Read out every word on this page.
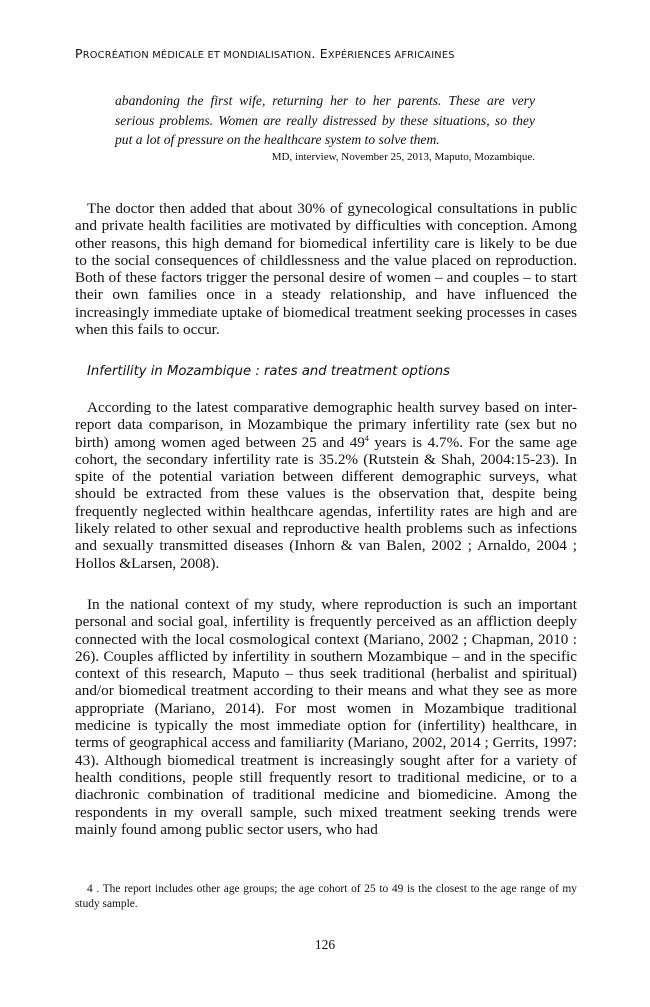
PROCRÉATION MÉDICALE ET MONDIALISATION. EXPÉRIENCES AFRICAINES

abandoning the first wife, returning her to her parents. These are very serious problems. Women are really distressed by these situations, so they put a lot of pressure on the healthcare system to solve them.

MD, interview, November 25, 2013, Maputo, Mozambique.

The doctor then added that about 30% of gynecological consultations in public and private health facilities are motivated by difficulties with conception. Among other reasons, this high demand for biomedical infertility care is likely to be due to the social consequences of childlessness and the value placed on reproduction. Both of these factors trigger the personal desire of women – and couples – to start their own families once in a steady relationship, and have influenced the increasingly immediate uptake of biomedical treatment seeking processes in cases when this fails to occur.

Infertility in Mozambique : rates and treatment options

According to the latest comparative demographic health survey based on inter-report data comparison, in Mozambique the primary infertility rate (sex but no birth) among women aged between 25 and $49^4$ years is 4.7%. For the same age cohort, the secondary infertility rate is 35.2% (Rutstein & Shah, 2004:15-23). In spite of the potential variation between different demographic surveys, what should be extracted from these values is the observation that, despite being frequently neglected within healthcare agendas, infertility rates are high and are likely related to other sexual and reproductive health problems such as infections and sexually transmitted diseases (Inhorn & van Balen, 2002 ; Arnaldo, 2004 ; Hollos &Larsen, 2008).

In the national context of my study, where reproduction is such an important personal and social goal, infertility is frequently perceived as an affliction deeply connected with the local cosmological context (Mariano, 2002 ; Chapman, 2010 : 26). Couples afflicted by infertility in southern Mozambique – and in the specific context of this research, Maputo – thus seek traditional (herbalist and spiritual) and/or biomedical treatment according to their means and what they see as more appropriate (Mariano, 2014). For most women in Mozambique traditional medicine is typically the most immediate option for (infertility) healthcare, in terms of geographical access and familiarity (Mariano, 2002, 2014 ; Gerrits, 1997: 43). Although biomedical treatment is increasingly sought after for a variety of health conditions, people still frequently resort to traditional medicine, or to a diachronic combination of traditional medicine and biomedicine. Among the respondents in my overall sample, such mixed treatment seeking trends were mainly found among public sector users, who had

4 . The report includes other age groups; the age cohort of 25 to 49 is the closest to the age range of my study sample.

126
